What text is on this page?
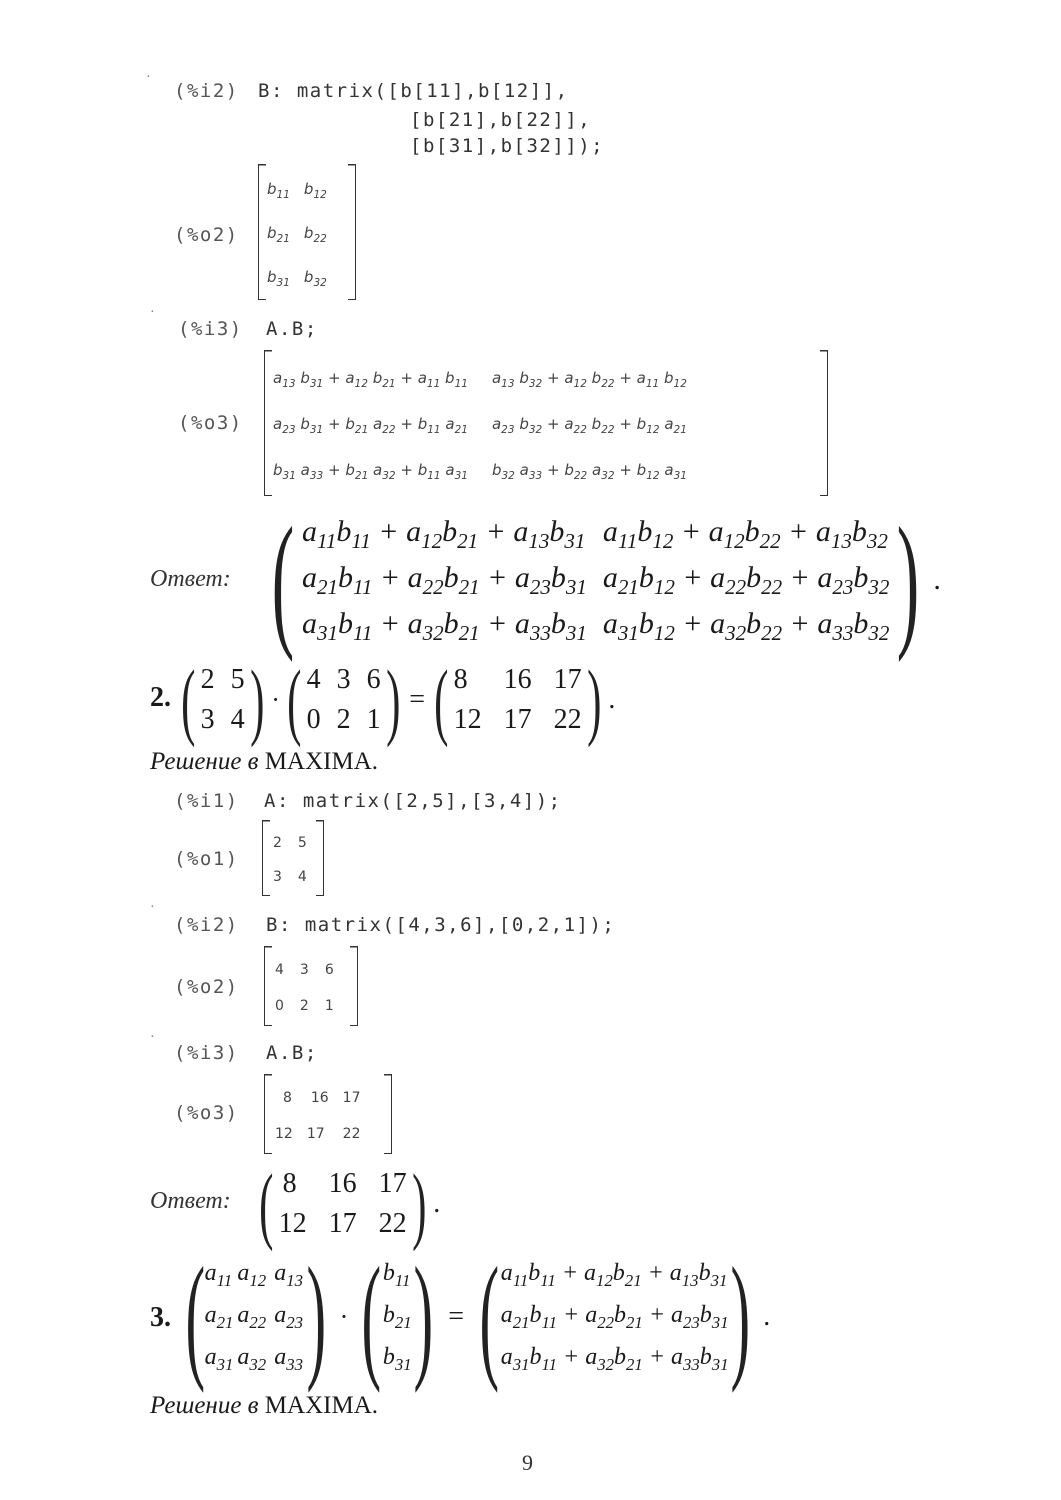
·
(%i2) B: matrix([b[11],b[12]],
[b[21],b[22]],
[b[31],b[32]]);
(%o2)
$b_{11}$	$b_{12}$
$b_{21}$	$b_{22}$
$b_{31}$	$b_{32}$
·
(%i3) A.B;
(%o3)
$a_{13}$ $b_{31} + a_{12}$ $b_{21} + a_{11}$ $b_{11}$	$a_{13}$ $b_{32} + a_{12}$ $b_{22} + a_{11}$ $b_{12}$
$a_{23}$ $b_{31} + b_{21}$ $a_{22} + b_{11}$ $a_{21}$	$a_{23}$ $b_{32} + a_{22}$ $b_{22} + b_{12}$ $a_{21}$
$b_{31}$ $a_{33} + b_{21}$ $a_{32} + b_{11}$ $a_{31}$	$b_{32}$ $a_{33} + b_{22}$ $a_{32} + b_{12}$ $a_{31}$
Ответ: ( $a_{11}b_{11} + a_{12}b_{21} + a_{13}b_{31}$	$a_{11}b_{12} + a_{12}b_{22} + a_{13}b_{32}$
$a_{21}b_{11} + a_{22}b_{21} + a_{23}b_{31}$	$a_{21}b_{12} + a_{22}b_{22} + a_{23}b_{32}$
$a_{31}b_{11} + a_{32}b_{21} + a_{33}b_{31}$	$a_{31}b_{12} + a_{32}b_{22} + a_{33}b_{32}$ ) .
2. ( 2	5
3	4 ) · ( 4	3	6
0	2	1 ) = ( 8	16	17
12	17	22 ) .
Решение в MAXIMA.
(%i1) A: matrix([2,5],[3,4]);
(%o1)
2	5
3	4
·
(%i2) B: matrix([4,3,6],[0,2,1]);
(%o2)
4	3	6
0	2	1
·
(%i3) A.B;
(%o3)
8	16	17
12	17	22
Ответ: ( 8	16	17
12	17	22 ) .
3. ( $a_{11}$	$a_{12}$	$a_{13}$
$a_{21}$	$a_{22}$	$a_{23}$
$a_{31}$	$a_{32}$	$a_{33}$ ) · ( $b_{11}$
$b_{21}$
$b_{31}$ ) = ( $a_{11}b_{11} + a_{12}b_{21} + a_{13}b_{31}$
$a_{21}b_{11} + a_{22}b_{21} + a_{23}b_{31}$
$a_{31}b_{11} + a_{32}b_{21} + a_{33}b_{31}$ ) .
Решение в MAXIMA.
9
